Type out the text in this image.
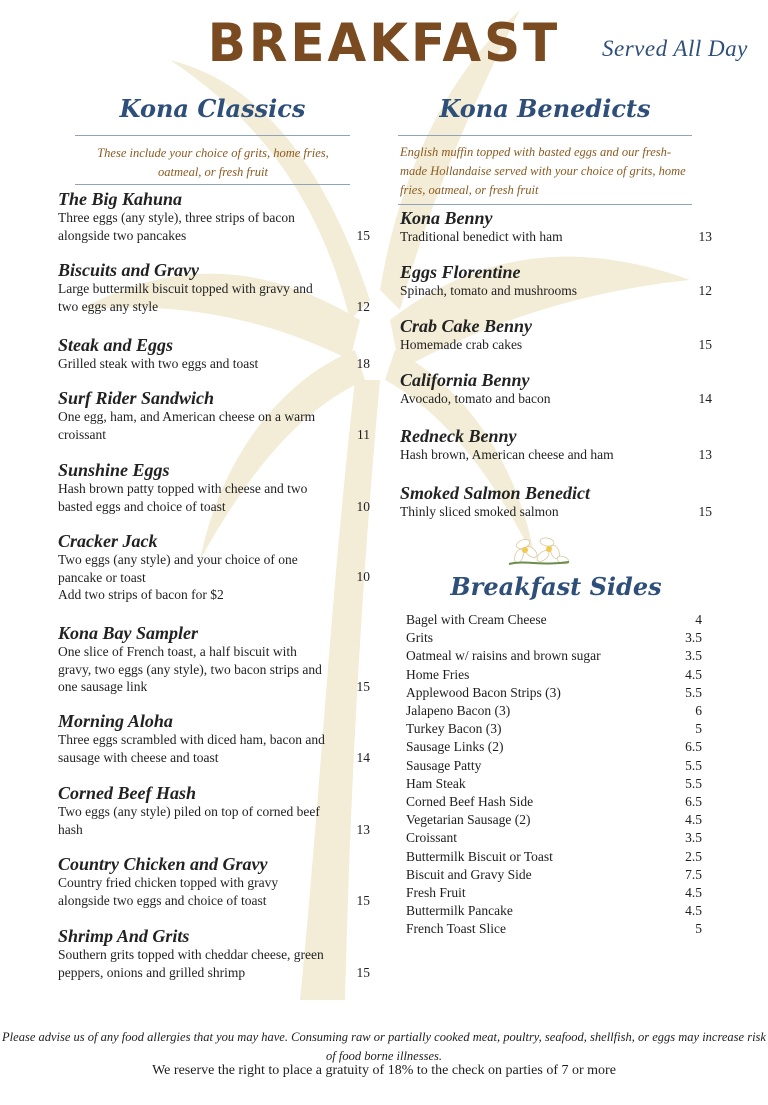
BREAKFAST	Served All Day
Kona Classics
These include your choice of grits, home fries, oatmeal, or fresh fruit
The Big Kahuna
Three eggs (any style), three strips of bacon alongside two pancakes	15
Biscuits and Gravy
Large buttermilk biscuit topped with gravy and two eggs any style	12
Steak and Eggs
Grilled steak with two eggs and toast	18
Surf Rider Sandwich
One egg, ham, and American cheese on a warm croissant	11
Sunshine Eggs
Hash brown patty topped with cheese and two basted eggs and choice of toast	10
Cracker Jack
Two eggs (any style) and your choice of one pancake or toast	10

Add two strips of bacon for $2
Kona Bay Sampler
One slice of French toast, a half biscuit with gravy, two eggs (any style), two bacon strips and one sausage link	15
Morning Aloha
Three eggs scrambled with diced ham, bacon and sausage with cheese and toast	14
Corned Beef Hash
Two eggs (any style) piled on top of corned beef hash	13
Country Chicken and Gravy
Country fried chicken topped with gravy alongside two eggs and choice of toast	15
Shrimp And Grits
Southern grits topped with cheddar cheese, green peppers, onions and grilled shrimp	15
Kona Benedicts
English muffin topped with basted eggs and our fresh-made Hollandaise served with your choice of grits, home fries, oatmeal, or fresh fruit
Kona Benny
Traditional benedict with ham	13
Eggs Florentine
Spinach, tomato and mushrooms	12
Crab Cake Benny
Homemade crab cakes	15
California Benny
Avocado, tomato and bacon	14
Redneck Benny
Hash brown, American cheese and ham	13
Smoked Salmon Benedict
Thinly sliced smoked salmon	15
Breakfast Sides
Bagel with Cream Cheese	4
Grits	3.5
Oatmeal w/ raisins and brown sugar	3.5
Home Fries	4.5
Applewood Bacon Strips (3)	5.5
Jalapeno Bacon (3)	6
Turkey Bacon (3)	5
Sausage Links (2)	6.5
Sausage Patty	5.5
Ham Steak	5.5
Corned Beef Hash Side	6.5
Vegetarian Sausage (2)	4.5
Croissant	3.5
Buttermilk Biscuit or Toast	2.5
Biscuit and Gravy Side	7.5
Fresh Fruit	4.5
Buttermilk Pancake	4.5
French Toast Slice	5
Please advise us of any food allergies that you may have. Consuming raw or partially cooked meat, poultry, seafood, shellfish, or eggs may increase risk of food borne illnesses.
We reserve the right to place a gratuity of 18% to the check on parties of 7 or more
